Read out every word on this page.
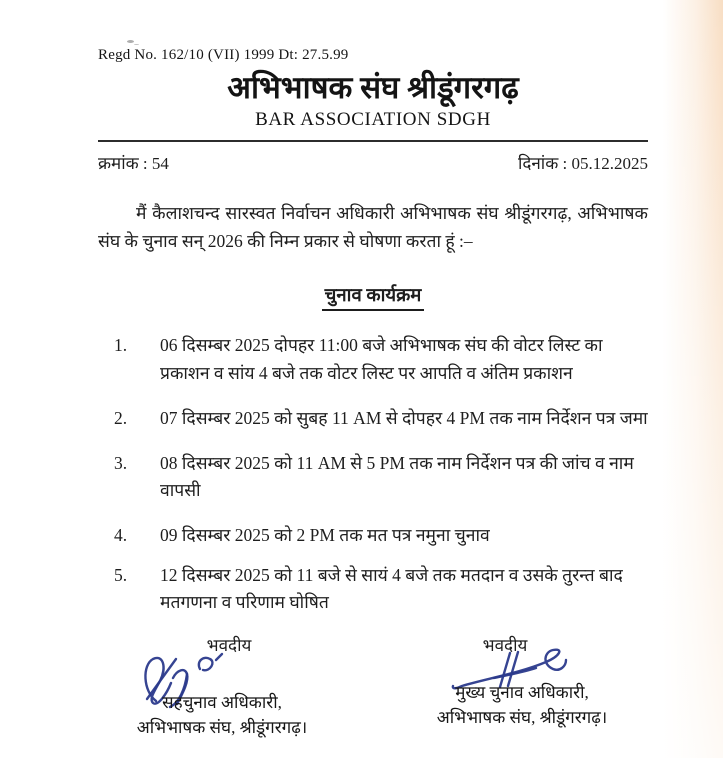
Regd No. 162/10 (VII) 1999 Dt: 27.5.99
अभिभाषक संघ श्रीडूंगरगढ़
BAR ASSOCIATION SDGH
क्रमांक : 54	दिनांक : 05.12.2025

मैं कैलाशचन्द सारस्वत निर्वाचन अधिकारी अभिभाषक संघ श्रीडूंगरगढ़, अभिभाषक संघ के चुनाव सन् 2026 की निम्न प्रकार से घोषणा करता हूं :–

चुनाव कार्यक्रम
1.	06 दिसम्बर 2025 दोपहर 11:00 बजे अभिभाषक संघ की वोटर लिस्ट का प्रकाशन व सांय 4 बजे तक वोटर लिस्ट पर आपति व अंतिम प्रकाशन
2.	07 दिसम्बर 2025 को सुबह 11 AM से दोपहर 4 PM तक नाम निर्देशन पत्र जमा
3.	08 दिसम्बर 2025 को 11 AM से 5 PM तक नाम निर्देशन पत्र की जांच व नाम वापसी
4.	09 दिसम्बर 2025 को 2 PM तक मत पत्र नमुना चुनाव
5.	12 दिसम्बर 2025 को 11 बजे से सायं 4 बजे तक मतदान व उसके तुरन्त बाद मतगणना व परिणाम घोषित
भवदीय
सहचुनाव अधिकारी,
अभिभाषक संघ, श्रीडूंगरगढ़।
भवदीय
मुख्य चुनाव अधिकारी,
अभिभाषक संघ, श्रीडूंगरगढ़।
